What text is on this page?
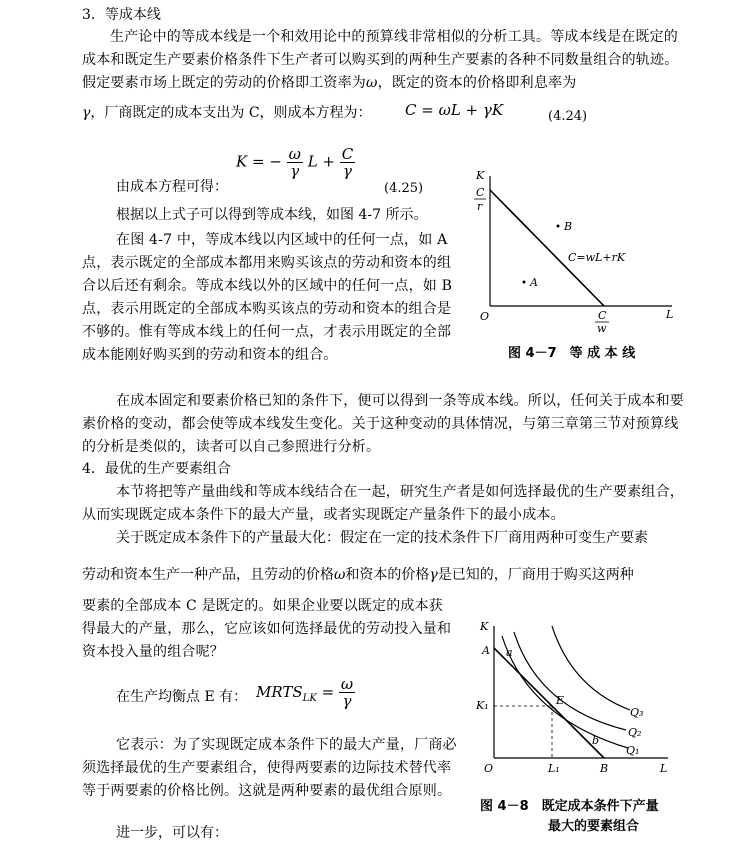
3．等成本线
生产论中的等成本线是一个和效用论中的预算线非常相似的分析工具。等成本线是在既定的成本和既定生产要素价格条件下生产者可以购买到的两种生产要素的各种不同数量组合的轨迹。假定要素市场上既定的劳动的价格即工资率为ω，既定的资本的价格即利息率为
γ，厂商既定的成本支出为 C，则成本方程为： C = ωL + γK	(4.24)
K = − $\frac{\omega}{\gamma}$ $L + \frac{C}{\gamma}$
由成本方程可得：	(4.25)
根据以上式子可以得到等成本线，如图 4-7 所示。
在图 4-7 中，等成本线以内区域中的任何一点，如 A 点，表示既定的全部成本都用来购买该点的劳动和资本的组合以后还有剩余。等成本线以外的区域中的任何一点，如 B 点，表示用既定的全部成本购买该点的劳动和资本的组合是不够的。惟有等成本线上的任何一点，才表示用既定的全部成本能刚好购买到的劳动和资本的组合。
K
L
O
C
r
C
w
B
A
C=wL+rK
图 4－7　等 成 本 线
在成本固定和要素价格已知的条件下，便可以得到一条等成本线。所以，任何关于成本和要素价格的变动，都会使等成本线发生变化。关于这种变动的具体情况，与第三章第三节对预算线的分析是类似的，读者可以自己参照进行分析。
4．最优的生产要素组合
本节将把等产量曲线和等成本线结合在一起，研究生产者是如何选择最优的生产要素组合，从而实现既定成本条件下的最大产量，或者实现既定产量条件下的最小成本。
关于既定成本条件下的产量最大化：假定在一定的技术条件下厂商用两种可变生产要素
劳动和资本生产一种产品，且劳动的价格ω和资本的价格γ是已知的，厂商用于购买这两种
要素的全部成本 C 是既定的。如果企业要以既定的成本获得最大的产量，那么，它应该如何选择最优的劳动投入量和资本投入量的组合呢？
在生产均衡点 E 有： $MRTS_{LK} = \frac{\omega}{\gamma}$
它表示：为了实现既定成本条件下的最大产量，厂商必须选择最优的生产要素组合，使得两要素的边际技术替代率等于两要素的价格比例。这就是两种要素的最优组合原则。
进一步，可以有：
K
L
O
A a
K₁	E
b
L₁	B
Q₁
Q₂
Q₃
图 4－8　既定成本条件下产量
最大的要素组合
